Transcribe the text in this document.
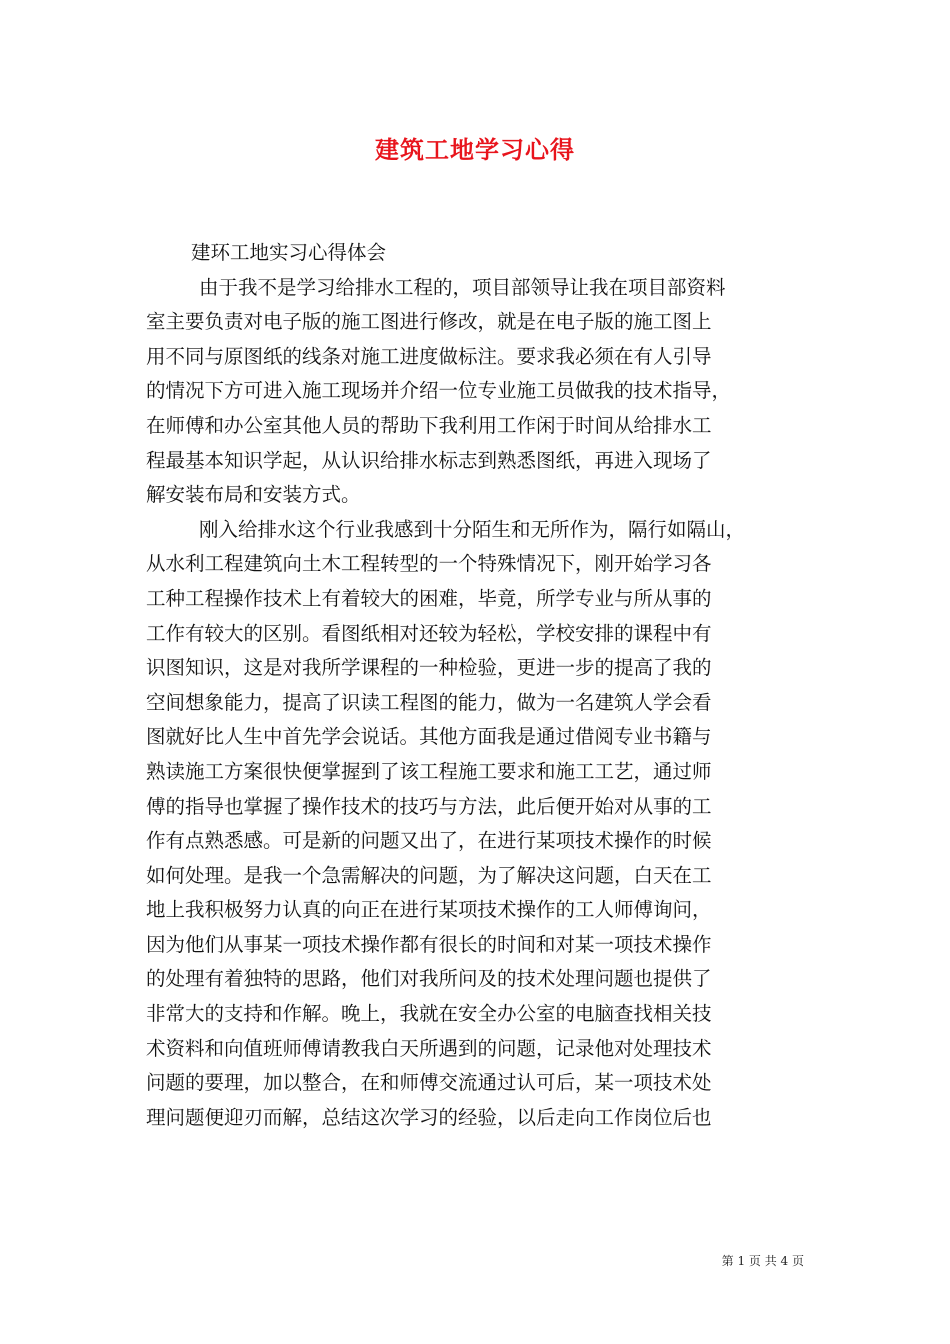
建筑工地学习心得
建环工地实习心得体会
由于我不是学习给排水工程的，项目部领导让我在项目部资料
室主要负责对电子版的施工图进行修改，就是在电子版的施工图上
用不同与原图纸的线条对施工进度做标注。要求我必须在有人引导
的情况下方可进入施工现场并介绍一位专业施工员做我的技术指导，
在师傅和办公室其他人员的帮助下我利用工作闲于时间从给排水工
程最基本知识学起，从认识给排水标志到熟悉图纸，再进入现场了
解安装布局和安装方式。
刚入给排水这个行业我感到十分陌生和无所作为，隔行如隔山，
从水利工程建筑向土木工程转型的一个特殊情况下，刚开始学习各
工种工程操作技术上有着较大的困难，毕竟，所学专业与所从事的
工作有较大的区别。看图纸相对还较为轻松，学校安排的课程中有
识图知识，这是对我所学课程的一种检验，更进一步的提高了我的
空间想象能力，提高了识读工程图的能力，做为一名建筑人学会看
图就好比人生中首先学会说话。其他方面我是通过借阅专业书籍与
熟读施工方案很快便掌握到了该工程施工要求和施工工艺，通过师
傅的指导也掌握了操作技术的技巧与方法，此后便开始对从事的工
作有点熟悉感。可是新的问题又出了，在进行某项技术操作的时候
如何处理。是我一个急需解决的问题，为了解决这问题，白天在工
地上我积极努力认真的向正在进行某项技术操作的工人师傅询问，
因为他们从事某一项技术操作都有很长的时间和对某一项技术操作
的处理有着独特的思路，他们对我所问及的技术处理问题也提供了
非常大的支持和作解。晚上，我就在安全办公室的电脑查找相关技
术资料和向值班师傅请教我白天所遇到的问题，记录他对处理技术
问题的要理，加以整合，在和师傅交流通过认可后，某一项技术处
理问题便迎刃而解，总结这次学习的经验，以后走向工作岗位后也
第 1 页 共 4 页
